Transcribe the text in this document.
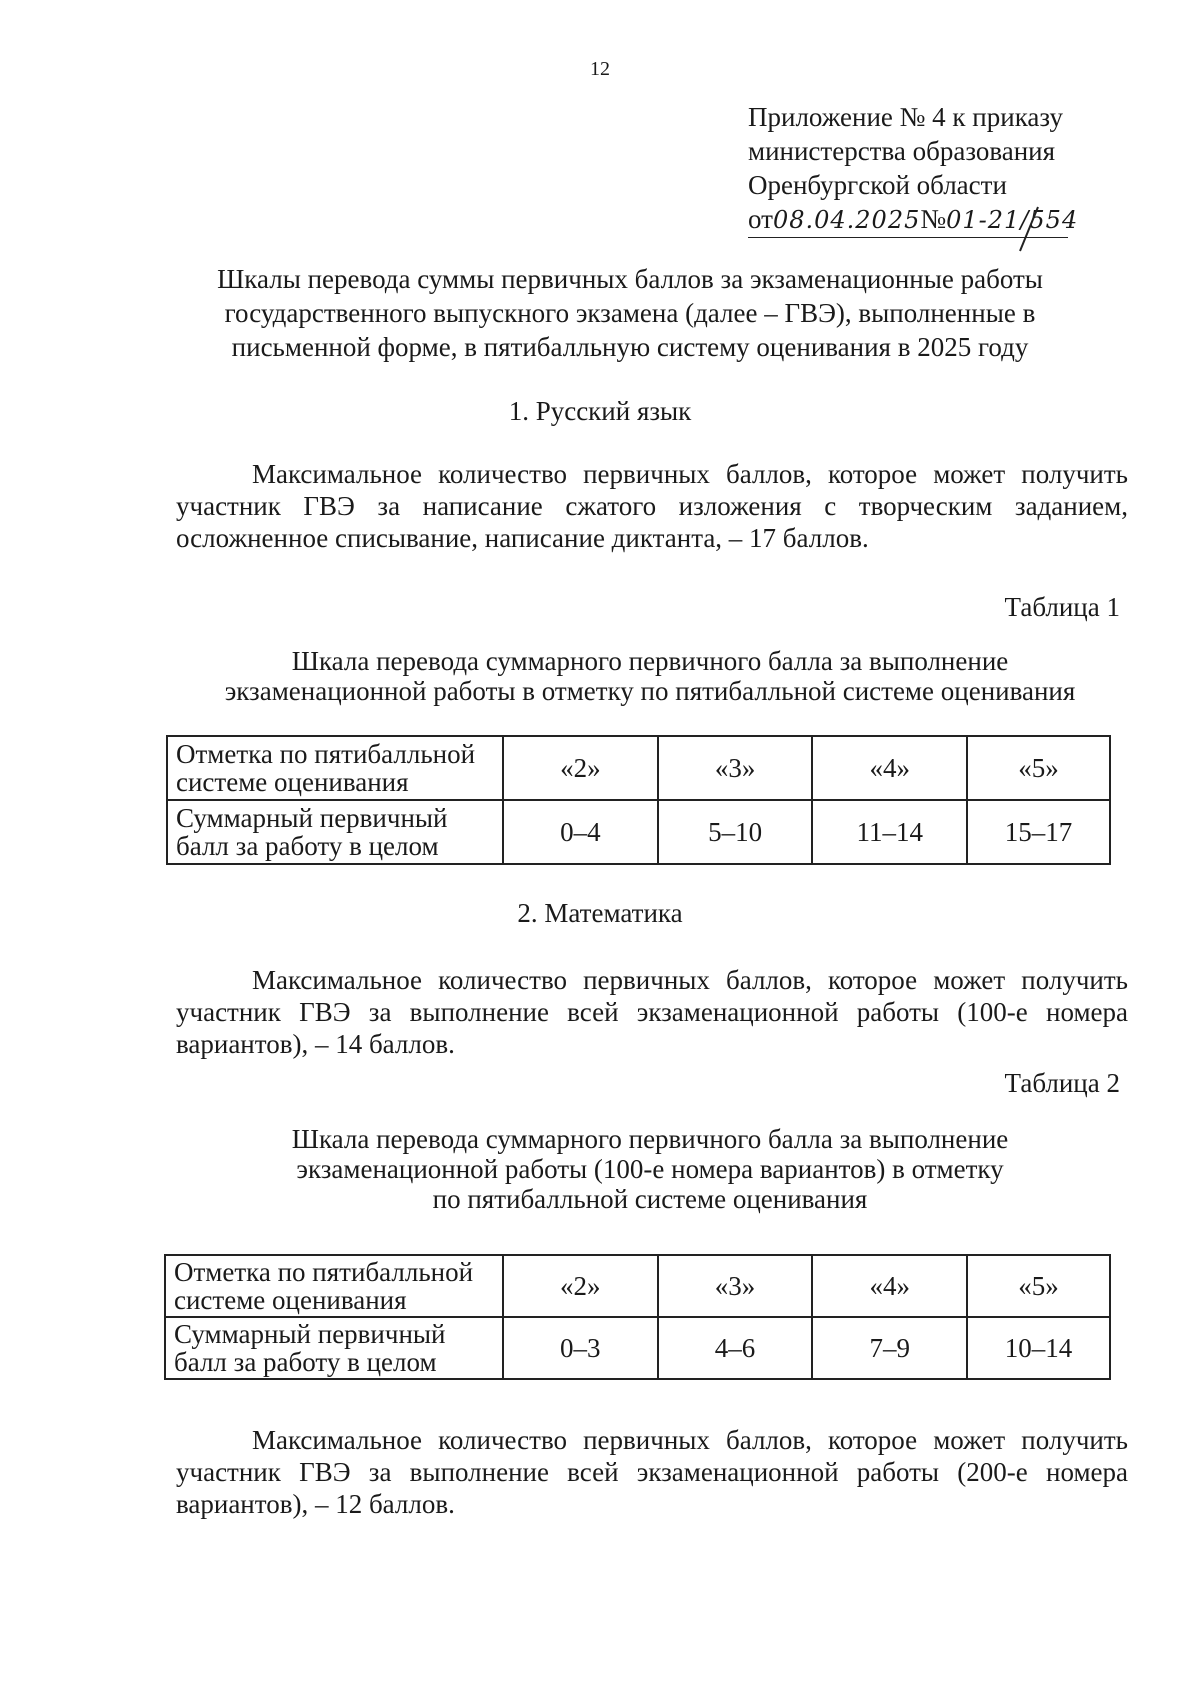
12
Приложение № 4 к приказу
министерства образования
Оренбургской области
от08.04.2025№01-21/554
Шкалы перевода суммы первичных баллов за экзаменационные работы государственного выпускного экзамена (далее – ГВЭ), выполненные в письменной форме, в пятибалльную систему оценивания в 2025 году
1. Русский язык
Максимальное количество первичных баллов, которое может получить участник ГВЭ за написание сжатого изложения с творческим заданием, осложненное списывание, написание диктанта, – 17 баллов.
Таблица 1
Шкала перевода суммарного первичного балла за выполнение экзаменационной работы в отметку по пятибалльной системе оценивания
Отметка по пятибалльной системе оценивания	«2»	«3»	«4»	«5»
Суммарный первичный балл за работу в целом	0–4	5–10	11–14	15–17
2. Математика
Максимальное количество первичных баллов, которое может получить участник ГВЭ за выполнение всей экзаменационной работы (100-е номера вариантов), – 14 баллов.
Таблица 2
Шкала перевода суммарного первичного балла за выполнение
экзаменационной работы (100-е номера вариантов) в отметку
по пятибалльной системе оценивания
Отметка по пятибалльной системе оценивания	«2»	«3»	«4»	«5»
Суммарный первичный балл за работу в целом	0–3	4–6	7–9	10–14
Максимальное количество первичных баллов, которое может получить участник ГВЭ за выполнение всей экзаменационной работы (200-е номера вариантов), – 12 баллов.
